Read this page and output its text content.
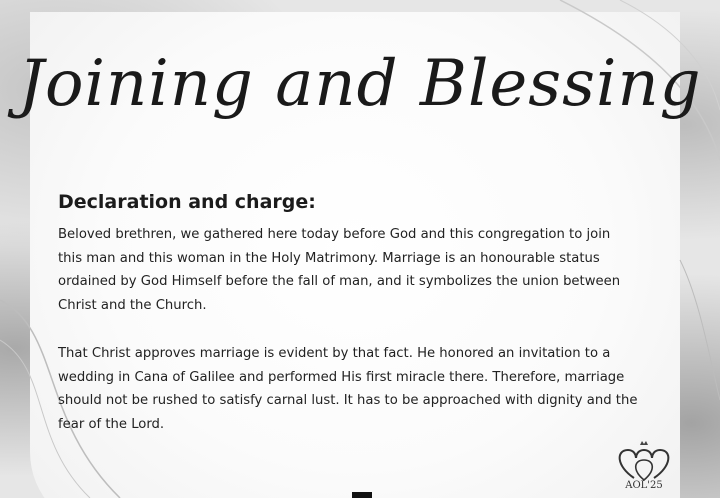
Joining and Blessing
Declaration and charge:

Beloved brethren, we gathered here today before God and this congregation to join this man and this woman in the Holy Matrimony. Marriage is an honourable status ordained by God Himself before the fall of man, and it symbolizes the union between Christ and the Church.

That Christ approves marriage is evident by that fact. He honored an invitation to a wedding in Cana of Galilee and performed His first miracle there. Therefore, marriage should not be rushed to satisfy carnal lust. It has to be approached with dignity and the fear of the Lord.

AOL'25
